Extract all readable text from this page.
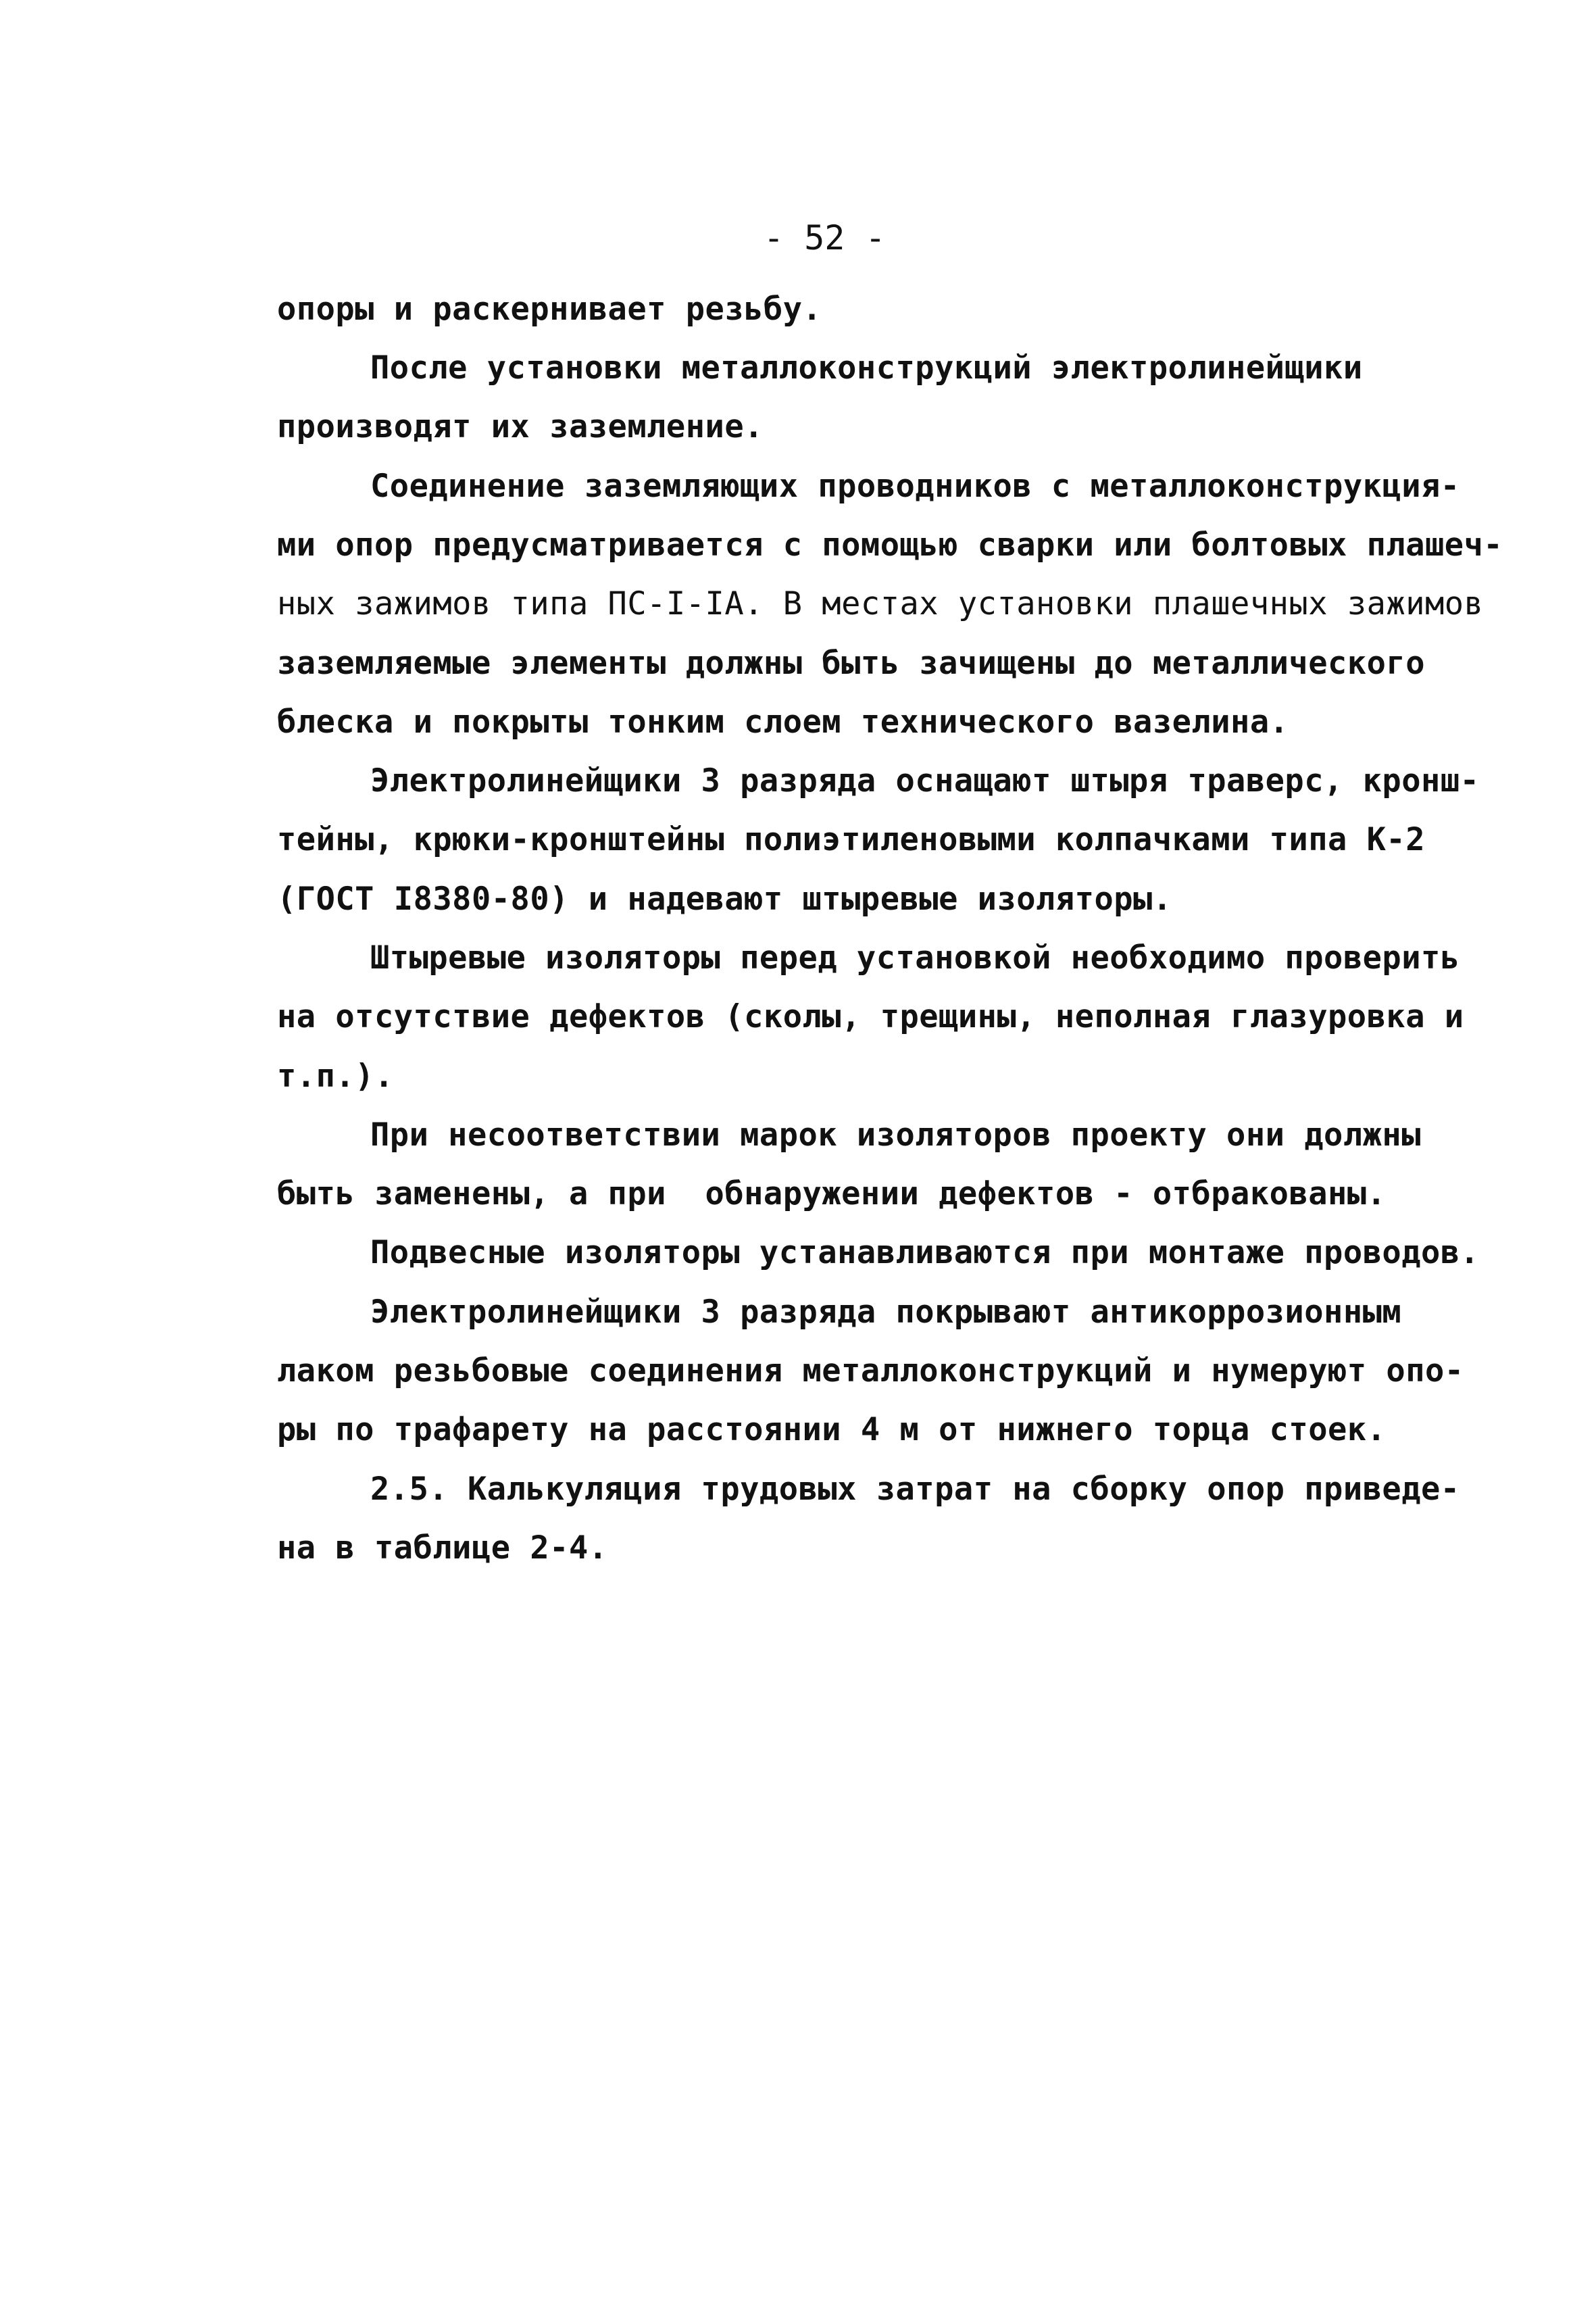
- 52 -
опоры и раскернивает резьбу.
После установки металлоконструкций электролинейщики
производят их заземление.
Соединение заземляющих проводников с металлоконструкция-
ми опор предусматривается с помощью сварки или болтовых плашеч-
ных зажимов типа ПС-I-IA. В местах установки плашечных зажимов
заземляемые элементы должны быть зачищены до металлического
блеска и покрыты тонким слоем технического вазелина.
Электролинейщики 3 разряда оснащают штыря траверс, кронш-
тейны, крюки-кронштейны полиэтиленовыми колпачками типа К-2
(ГОСТ I8380-80) и надевают штыревые изоляторы.
Штыревые изоляторы перед установкой необходимо проверить
на отсутствие дефектов (сколы, трещины, неполная глазуровка и
т.п.).
При несоответствии марок изоляторов проекту они должны
быть заменены, а при  обнаружении дефектов - отбракованы.
Подвесные изоляторы устанавливаются при монтаже проводов.
Электролинейщики 3 разряда покрывают антикоррозионным
лаком резьбовые соединения металлоконструкций и нумеруют опо-
ры по трафарету на расстоянии 4 м от нижнего торца стоек.
2.5. Калькуляция трудовых затрат на сборку опор приведе-
на в таблице 2-4.
